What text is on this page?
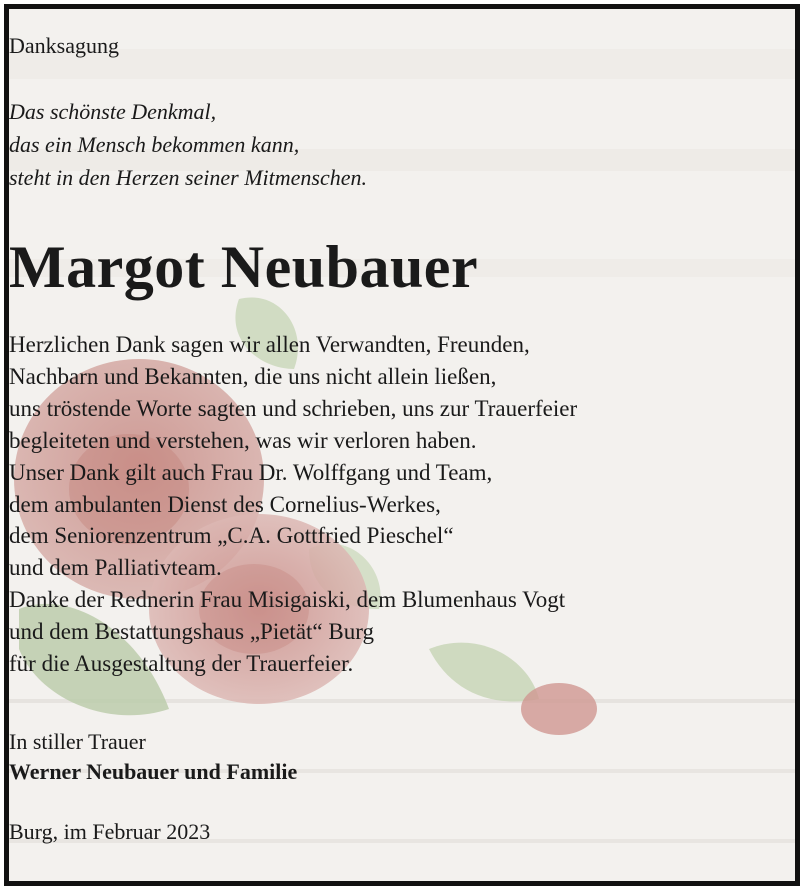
Danksagung
Das schönste Denkmal,
das ein Mensch bekommen kann,
steht in den Herzen seiner Mitmenschen.
Margot Neubauer
Herzlichen Dank sagen wir allen Verwandten, Freunden,
Nachbarn und Bekannten, die uns nicht allein ließen,
uns tröstende Worte sagten und schrieben, uns zur Trauerfeier
begleiteten und verstehen, was wir verloren haben.
Unser Dank gilt auch Frau Dr. Wolffgang und Team,
dem ambulanten Dienst des Cornelius-Werkes,
dem Seniorenzentrum „C.A. Gottfried Pieschel“
und dem Palliativteam.
Danke der Rednerin Frau Misigaiski, dem Blumenhaus Vogt
und dem Bestattungshaus „Pietät“ Burg
für die Ausgestaltung der Trauerfeier.
In stiller Trauer
Werner Neubauer und Familie
Burg, im Februar 2023
